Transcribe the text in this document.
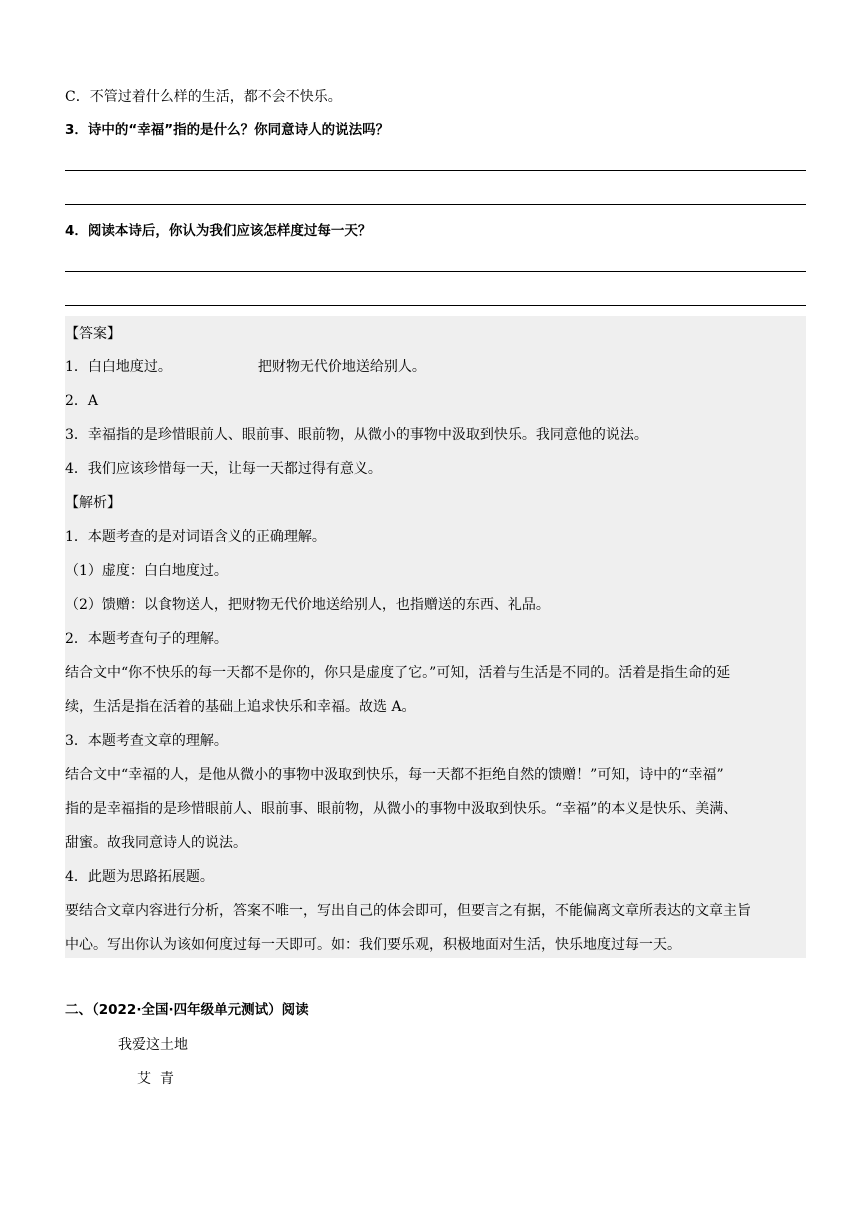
C．不管过着什么样的生活，都不会不快乐。
3．诗中的“幸福”指的是什么？你同意诗人的说法吗？
4．阅读本诗后，你认为我们应该怎样度过每一天？
【答案】
1．白白地度过。	把财物无代价地送给别人。
2．A
3．幸福指的是珍惜眼前人、眼前事、眼前物，从微小的事物中汲取到快乐。我同意他的说法。
4．我们应该珍惜每一天，让每一天都过得有意义。
【解析】
1．本题考查的是对词语含义的正确理解。
（1）虚度：白白地度过。
（2）馈赠：以食物送人，把财物无代价地送给别人，也指赠送的东西、礼品。
2．本题考查句子的理解。
结合文中“你不快乐的每一天都不是你的，你只是虚度了它。”可知，活着与生活是不同的。活着是指生命的延
续，生活是指在活着的基础上追求快乐和幸福。故选 A。
3．本题考查文章的理解。
结合文中“幸福的人，是他从微小的事物中汲取到快乐，每一天都不拒绝自然的馈赠！”可知，诗中的“幸福”
指的是幸福指的是珍惜眼前人、眼前事、眼前物，从微小的事物中汲取到快乐。“幸福”的本义是快乐、美满、
甜蜜。故我同意诗人的说法。
4．此题为思路拓展题。
要结合文章内容进行分析，答案不唯一，写出自己的体会即可，但要言之有据，不能偏离文章所表达的文章主旨
中心。写出你认为该如何度过每一天即可。如：我们要乐观，积极地面对生活，快乐地度过每一天。
二、（2022·全国·四年级单元测试）阅读
我爱这土地
艾  青
